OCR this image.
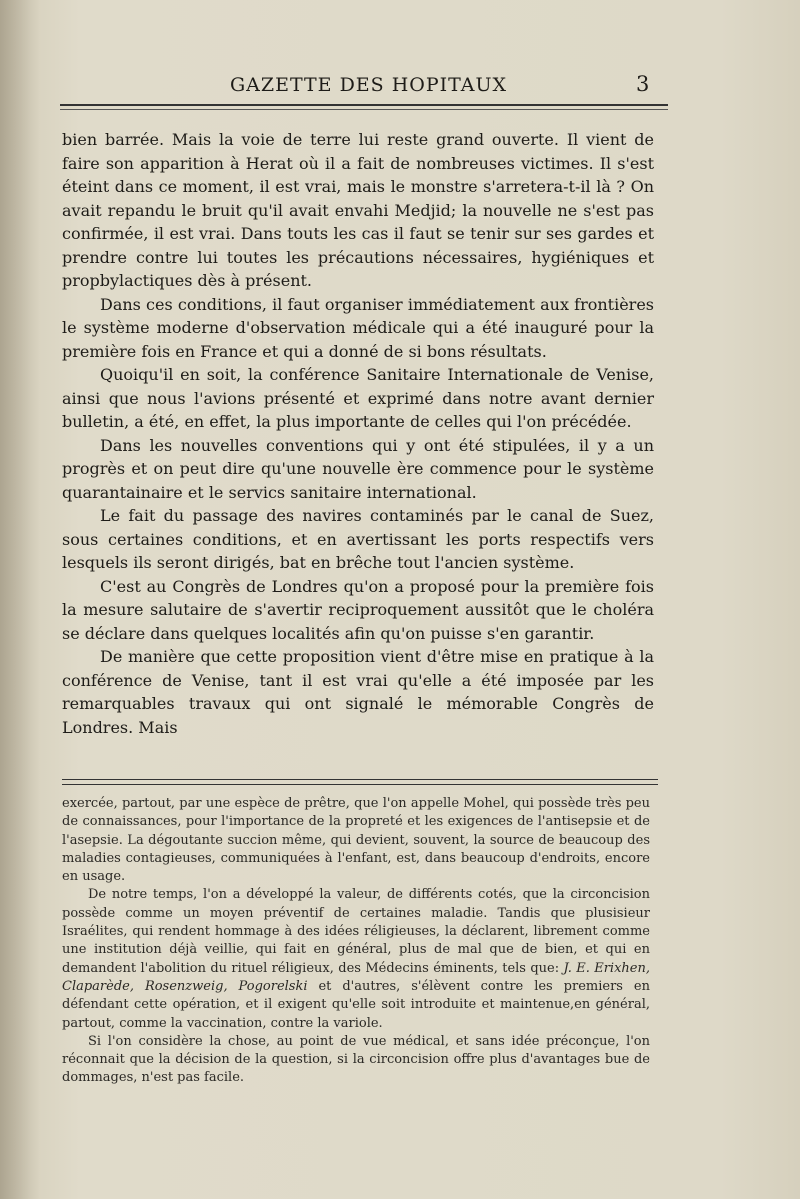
GAZETTE DES HOPITAUX	3

bien barrée. Mais la voie de terre lui reste grand ouverte. Il vient de faire son apparition à Herat où il a fait de nombreuses victimes. Il s'est éteint dans ce moment, il est vrai, mais le monstre s'arretera-t-il là ? On avait repandu le bruit qu'il avait envahi Medjid; la nouvelle ne s'est pas confirmée, il est vrai. Dans touts les cas il faut se tenir sur ses gardes et prendre contre lui toutes les précautions nécessaires, hygiéniques et propbylactiques dès à présent.

Dans ces conditions, il faut organiser immédiatement aux frontières le système moderne d'observation médicale qui a été inauguré pour la première fois en France et qui a donné de si bons résultats.

Quoiqu'il en soit, la conférence Sanitaire Internationale de Venise, ainsi que nous l'avions présenté et exprimé dans notre avant dernier bulletin, a été, en effet, la plus importante de celles qui l'on précédée.

Dans les nouvelles conventions qui y ont été stipulées, il y a un progrès et on peut dire qu'une nouvelle ère commence pour le système quarantainaire et le servics sanitaire international.

Le fait du passage des navires contaminés par le canal de Suez, sous certaines conditions, et en avertissant les ports respectifs vers lesquels ils seront dirigés, bat en brêche tout l'ancien système.

C'est au Congrès de Londres qu'on a proposé pour la première fois la mesure salutaire de s'avertir reciproquement aussitôt que le choléra se déclare dans quelques localités afin qu'on puisse s'en garantir.

De manière que cette proposition vient d'être mise en pratique à la conférence de Venise, tant il est vrai qu'elle a été imposée par les remarquables travaux qui ont signalé le mémorable Congrès de Londres. Mais

exercée, partout, par une espèce de prêtre, que l'on appelle Mohel, qui possède très peu de connaissances, pour l'importance de la propreté et les exigences de l'antisepsie et de l'asepsie. La dégoutante succion même, qui devient, souvent, la source de beaucoup des maladies contagieuses, communiquées à l'enfant, est, dans beaucoup d'endroits, encore en usage.

De notre temps, l'on a développé la valeur, de différents cotés, que la circoncision possède comme un moyen préventif de certaines maladie. Tandis que plusisieur Israélites, qui rendent hommage à des idées réligieuses, la déclarent, librement comme une institution déjà veillie, qui fait en général, plus de mal que de bien, et qui en demandent l'abolition du rituel réligieux, des Médecins éminents, tels que: J. E. Erixhen, Claparède, Rosenzweig, Pogorelski et d'autres, s'élèvent contre les premiers en défendant cette opération, et il exigent qu'elle soit introduite et maintenue,en général, partout, comme la vaccination, contre la variole.

Si l'on considère la chose, au point de vue médical, et sans idée préconçue, l'on réconnait que la décision de la question, si la circoncision offre plus d'avantages bue de dommages, n'est pas facile.
